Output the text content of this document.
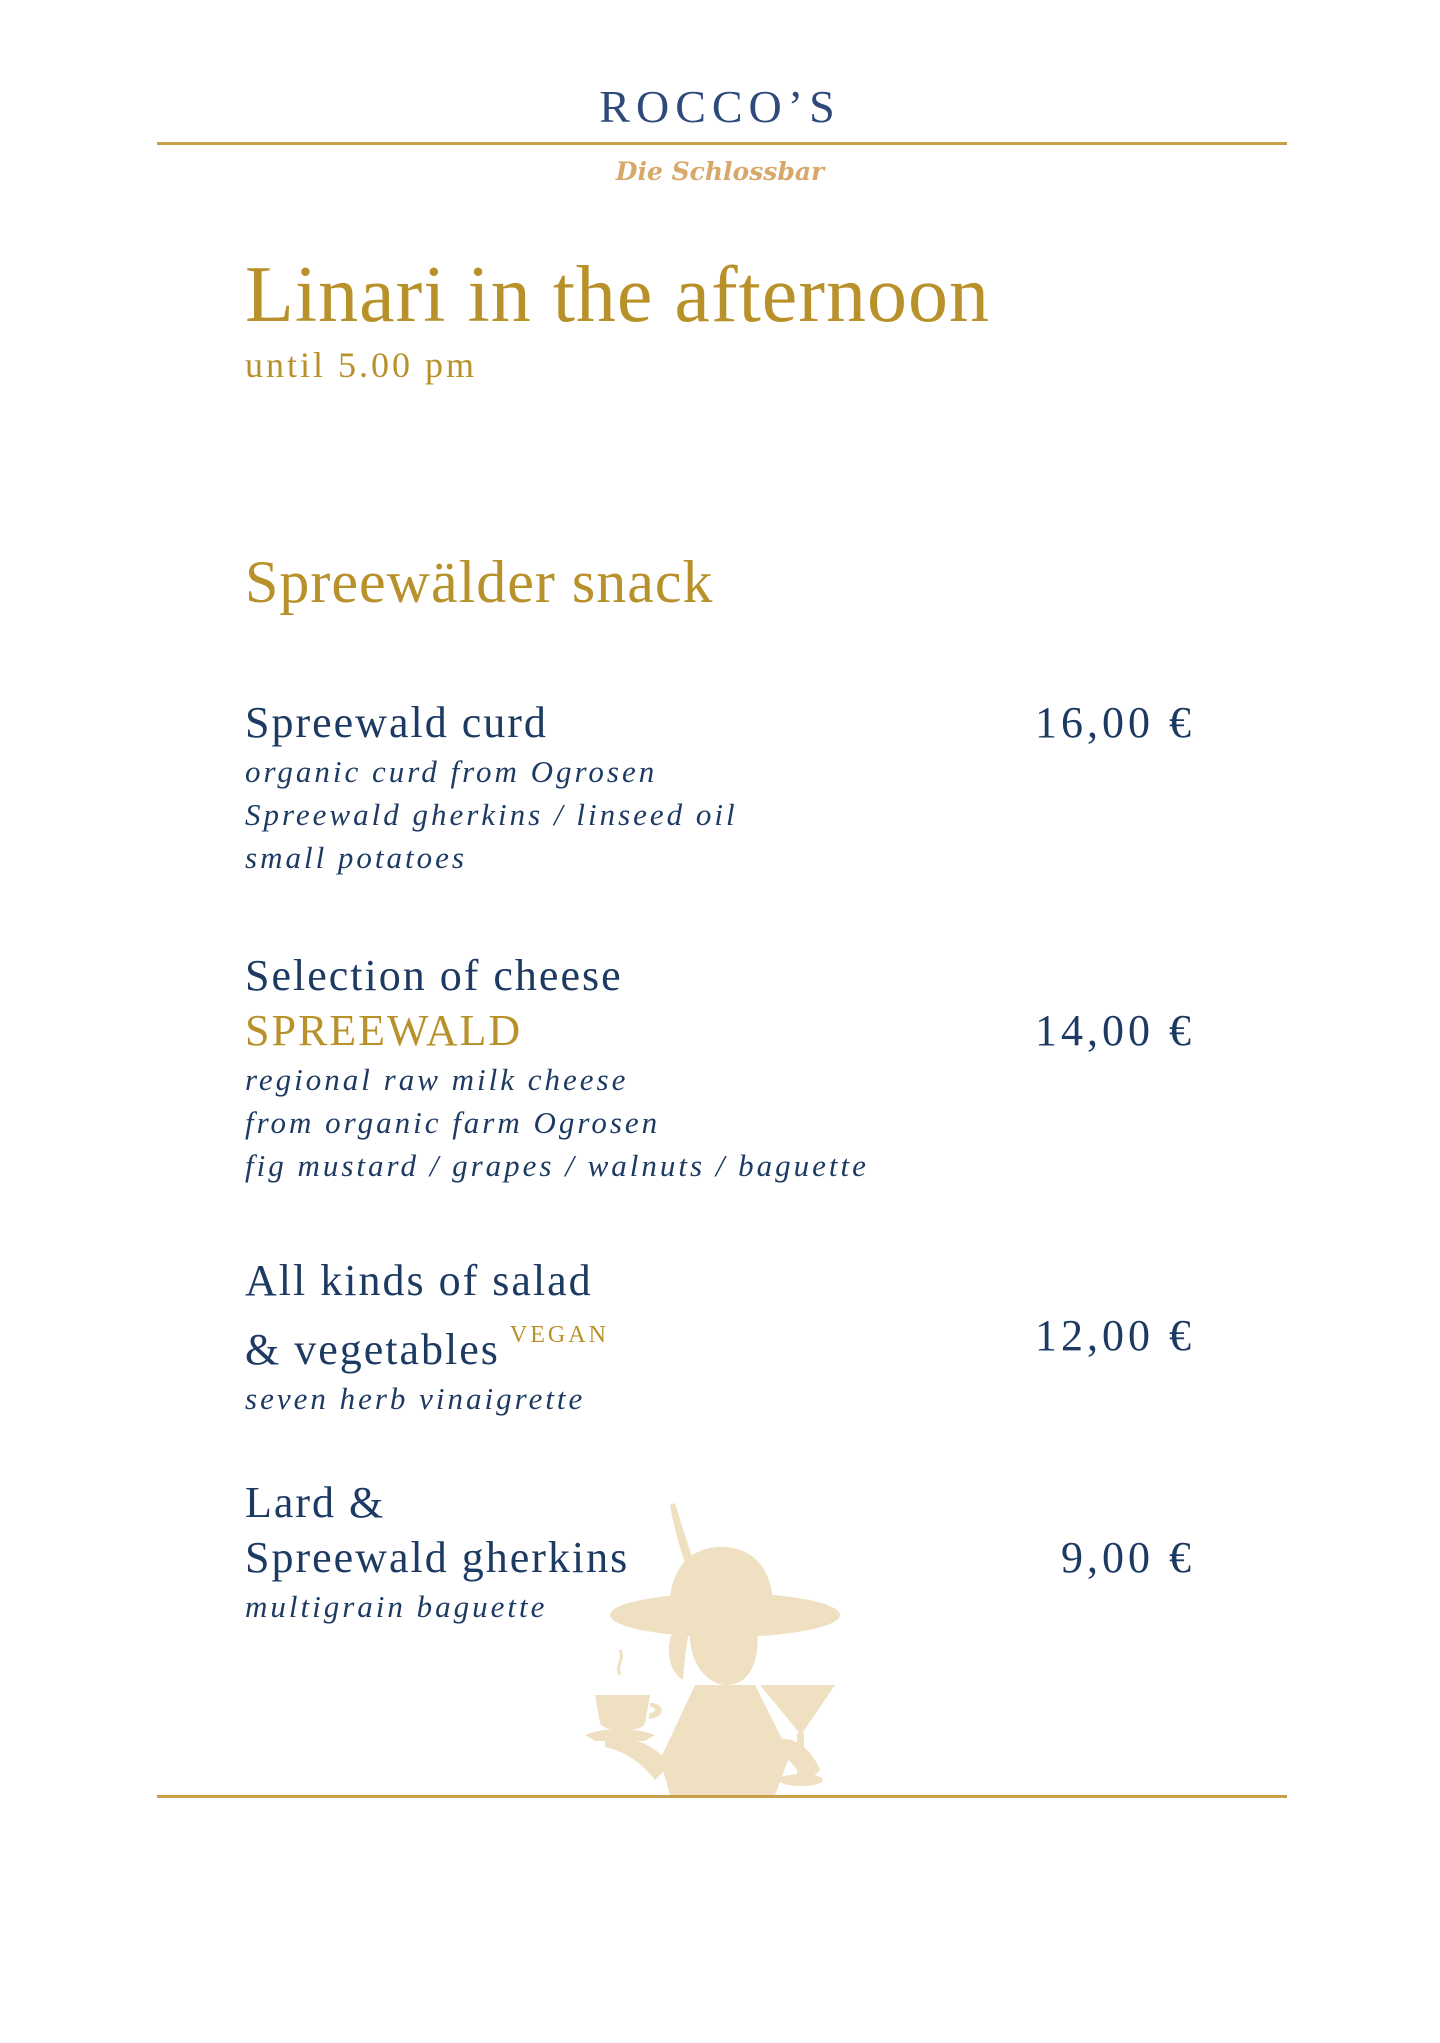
ROCCO’S
Die Schlossbar
Linari in the afternoon
until 5.00 pm
Spreewälder snack
Spreewald curd	16,00 €
organic curd from Ogrosen
Spreewald gherkins / linseed oil
small potatoes
Selection of cheese
SPREEWALD	14,00 €
regional raw milk cheese
from organic farm Ogrosen
fig mustard / grapes / walnuts / baguette
All kinds of salad
& vegetables $^{VEGAN}$	12,00 €
seven herb vinaigrette
Lard &
Spreewald gherkins	9,00 €
multigrain baguette
